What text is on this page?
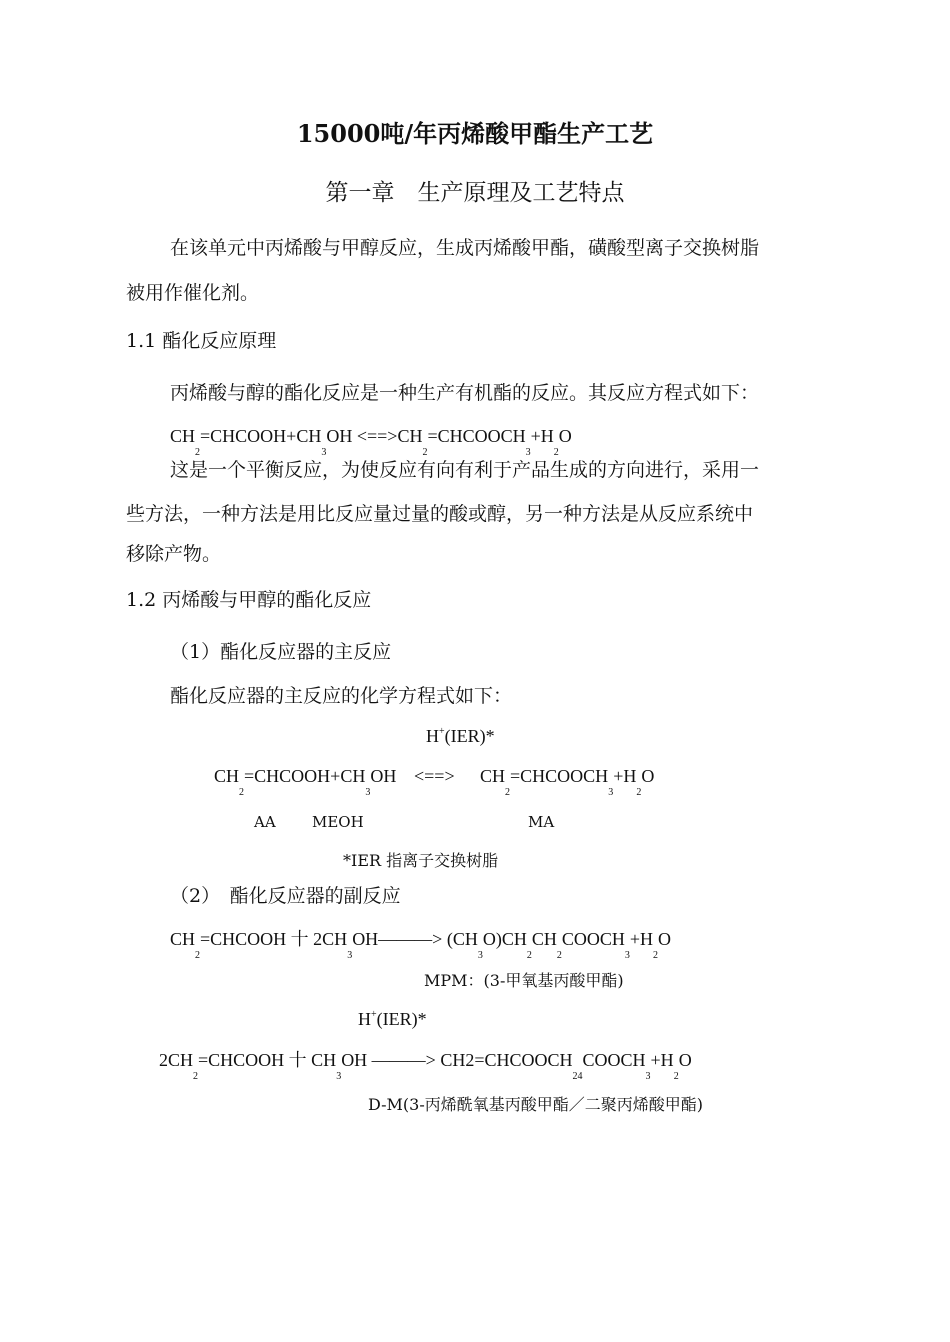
15000吨/年丙烯酸甲酯生产工艺
第一章　生产原理及工艺特点
在该单元中丙烯酸与甲醇反应，生成丙烯酸甲酯，磺酸型离子交换树脂
被用作催化剂。
1.1 酯化反应原理
丙烯酸与醇的酯化反应是一种生产有机酯的反应。其反应方程式如下：
$CH_2=CHCOOH+CH_3OH$ $<==>CH_2=CHCOOCH_3+H_2O$
这是一个平衡反应，为使反应有向有利于产品生成的方向进行，采用一
些方法，一种方法是用比反应量过量的酸或醇，另一种方法是从反应系统中
移除产物。
1.2 丙烯酸与甲醇的酯化反应
（1）酯化反应器的主反应
酯化反应器的主反应的化学方程式如下：
H+(IER)*
$CH_2=CHCOOH+CH_3OH$ <==> $CH_2=CHCOOCH_3+H_2O$
AA MEOH	MA
*IER 指离子交换树脂
（2）　酯化反应器的副反应
$CH_2=CHCOOH$ 十 $2CH_3OH———>$ $(CH_3O)CH_2CH_2COOCH_3+H_2O$
MPM：(3-甲氧基丙酸甲酯)
H+(IER)*
$2CH_2=CHCOOH$ 十 $CH_3OH$ ———> $CH2=CHCOOCH_{24}COOCH_3+H_2O$
D-M(3-丙烯酰氧基丙酸甲酯／二聚丙烯酸甲酯)
